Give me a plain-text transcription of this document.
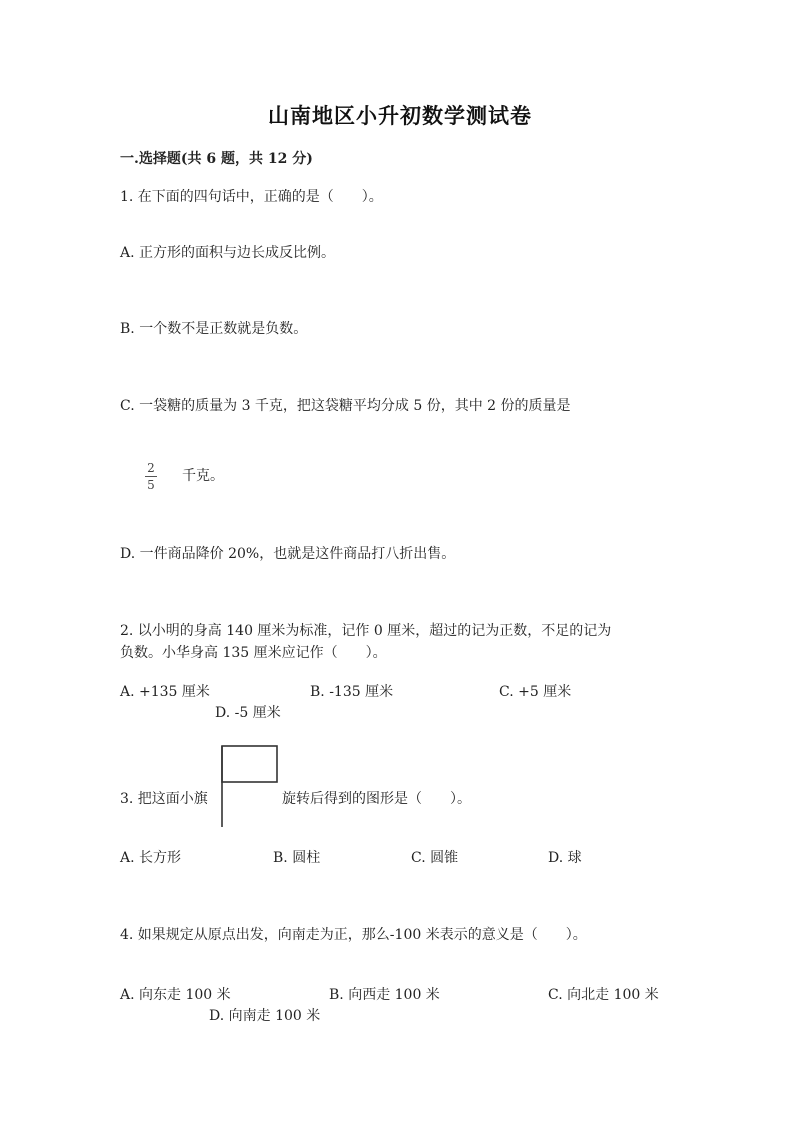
山南地区小升初数学测试卷
一.选择题(共 6 题，共 12 分)
1. 在下面的四句话中，正确的是（　　）。
A. 正方形的面积与边长成反比例。
B. 一个数不是正数就是负数。
C. 一袋糖的质量为 3 千克，把这袋糖平均分成 5 份，其中 2 份的质量是
2
5
千克。
D. 一件商品降价 20%，也就是这件商品打八折出售。
2. 以小明的身高 140 厘米为标准，记作 0 厘米，超过的记为正数，不足的记为
负数。小华身高 135 厘米应记作（　　）。
A. +135 厘米	B. -135 厘米	C. +5 厘米
D. -5 厘米
3. 把这面小旗	旋转后得到的图形是（　　）。
A. 长方形	B. 圆柱	C. 圆锥	D. 球
4. 如果规定从原点出发，向南走为正，那么-100 米表示的意义是（　　）。
A. 向东走 100 米	B. 向西走 100 米	C. 向北走 100 米
D. 向南走 100 米
